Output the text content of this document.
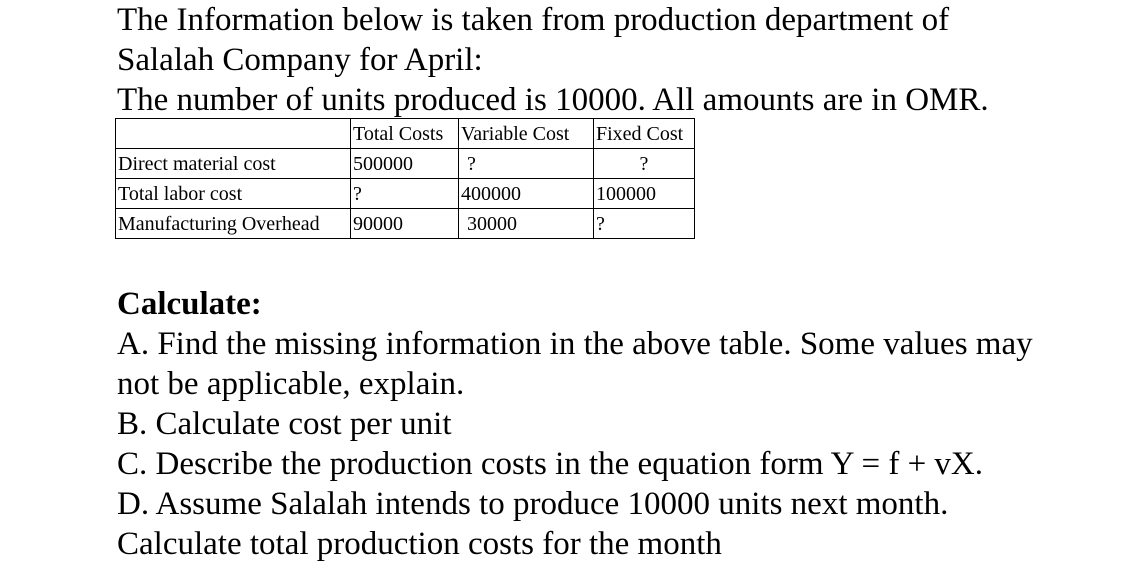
The Information below is taken from production department of
Salalah Company for April:
The number of units produced is 10000. All amounts are in OMR.
	Total Costs	Variable Cost	Fixed Cost
Direct material cost	500000	?	?
Total labor cost	?	400000	100000
Manufacturing Overhead	90000	30000	?
Calculate:
A. Find the missing information in the above table. Some values may
not be applicable, explain.
B. Calculate cost per unit
C. Describe the production costs in the equation form Y = f + vX.
D. Assume Salalah intends to produce 10000 units next month.
Calculate total production costs for the month
